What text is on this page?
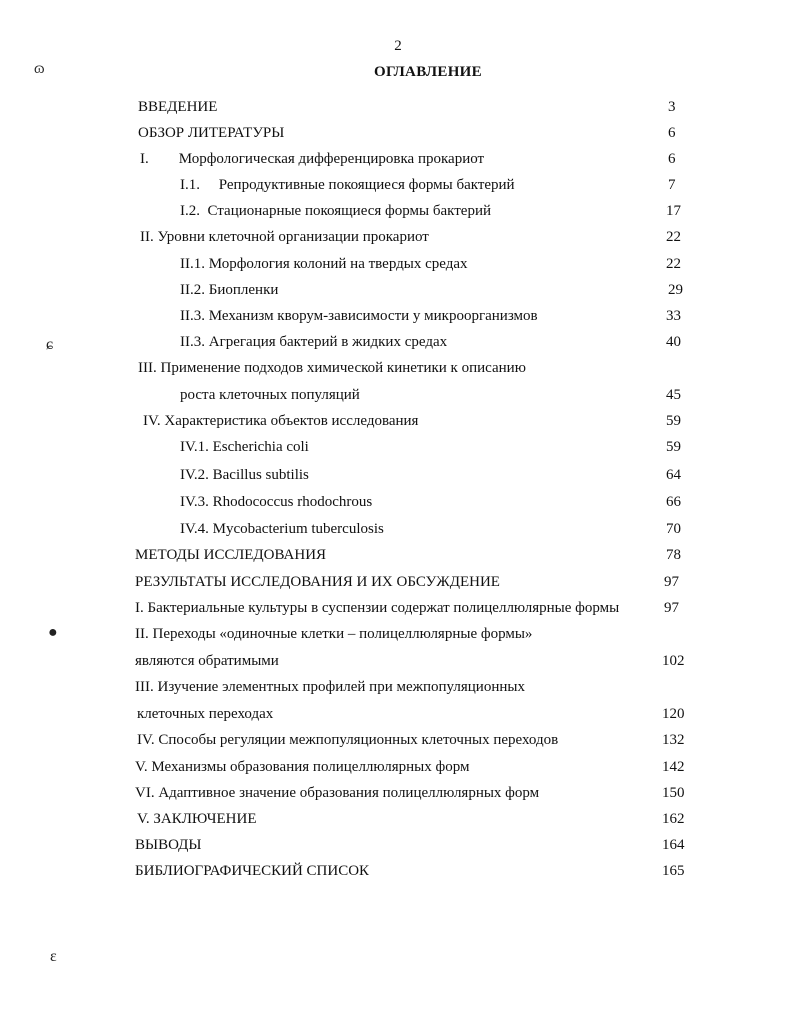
2
ОГЛАВЛЕНИЕ
ɷ
ɕ
●
ɛ
ВВЕДЕНИЕ	3
ОБЗОР ЛИТЕРАТУРЫ	6
I.        Морфологическая дифференцировка прокариот	6
I.1.     Репродуктивные покоящиеся формы бактерий	7
I.2.  Стационарные покоящиеся формы бактерий	17
II. Уровни клеточной организации прокариот	22
II.1. Морфология колоний на твердых средах	22
II.2. Биопленки	29
II.3. Механизм кворум-зависимости у микроорганизмов	33
II.3. Агрегация бактерий в жидких средах	40
III. Применение подходов химической кинетики к описанию
роста клеточных популяций	45
IV. Характеристика объектов исследования	59
IV.1. Escherichia coli	59
IV.2. Bacillus subtilis	64
IV.3. Rhodococcus rhodochrous	66
IV.4. Mycobacterium tuberculosis	70
МЕТОДЫ ИССЛЕДОВАНИЯ	78
РЕЗУЛЬТАТЫ ИССЛЕДОВАНИЯ И ИХ ОБСУЖДЕНИЕ	97
I. Бактериальные культуры в суспензии содержат полицеллюлярные формы	97
II. Переходы «одиночные клетки – полицеллюлярные формы»
являются обратимыми	102
III. Изучение элементных профилей при межпопуляционных
клеточных переходах	120
IV. Способы регуляции межпопуляционных клеточных переходов	132
V. Механизмы образования полицеллюлярных форм	142
VI. Адаптивное значение образования полицеллюлярных форм	150
V. ЗАКЛЮЧЕНИЕ	162
ВЫВОДЫ	164
БИБЛИОГРАФИЧЕСКИЙ СПИСОК	165
